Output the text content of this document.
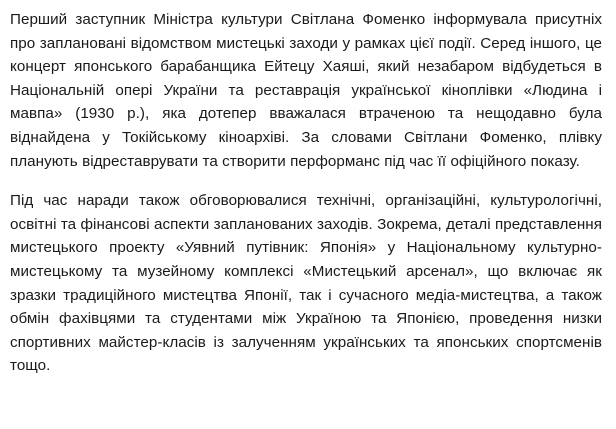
Перший заступник Міністра культури Світлана Фоменко інформувала присутніх про заплановані відомством мистецькі заходи у рамках цієї події. Серед іншого, це концерт японського барабанщика Ейтецу Хаяші, який незабаром відбудеться в Національній опері України та реставрація української кіноплівки «Людина і мавпа» (1930 р.), яка дотепер вважалася втраченою та нещодавно була віднайдена у Токійському кіноархіві. За словами Світлани Фоменко, плівку планують відреставрувати та створити перформанс під час її офіційного показу.

Під час наради також обговорювалися технічні, організаційні, культурологічні, освітні та фінансові аспекти запланованих заходів. Зокрема, деталі представлення мистецького проекту «Уявний путівник: Японія» у Національному культурно-мистецькому та музейному комплексі «Мистецький арсенал», що включає як зразки традиційного мистецтва Японії, так і сучасного медіа-мистецтва, а також обмін фахівцями та студентами між Україною та Японією, проведення низки спортивних майстер-класів із залученням українських та японських спортсменів тощо.
